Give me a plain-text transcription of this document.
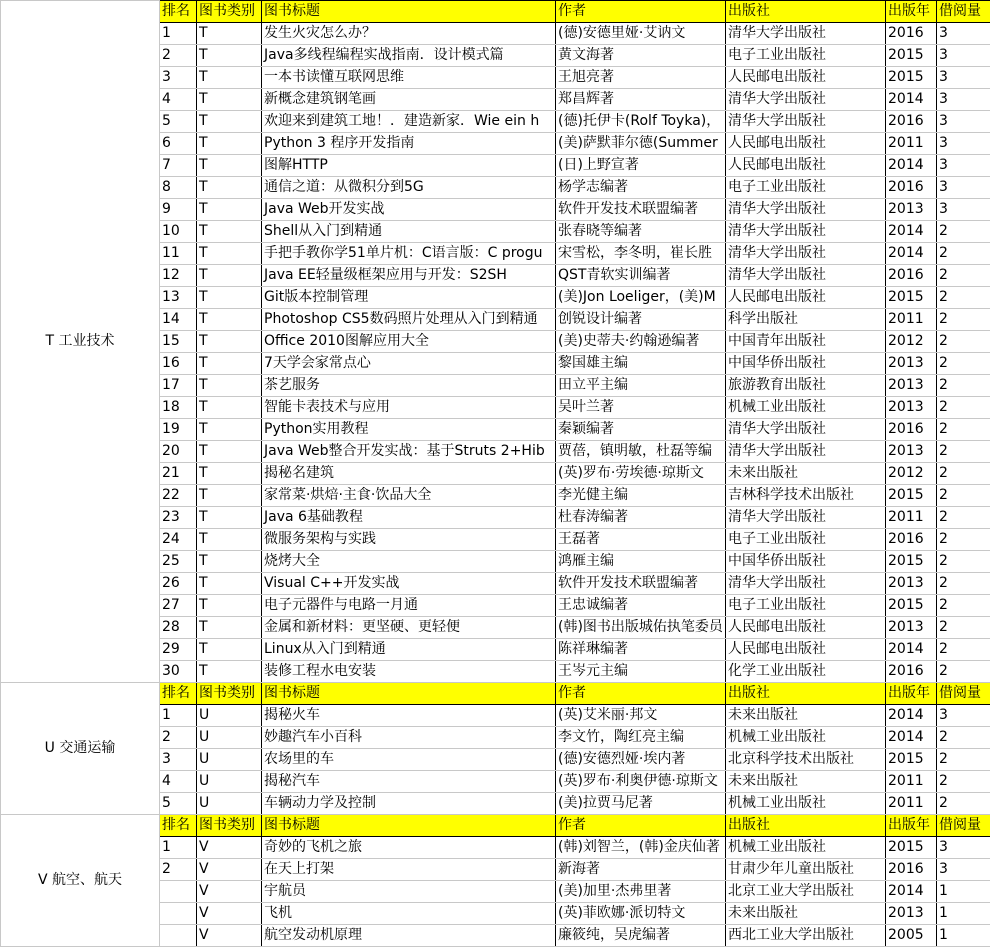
T 工业技术	排名	图书类别	图书标题	作者	出版社	出版年	借阅量
	1	T	发生火灾怎么办？	(德)安德里娅·艾讷文	清华大学出版社	2016	3
	2	T	Java多线程编程实战指南．设计模式篇	黄文海著	电子工业出版社	2015	3
	3	T	一本书读懂互联网思维	王旭亮著	人民邮电出版社	2015	3
	4	T	新概念建筑钢笔画	郑昌辉著	清华大学出版社	2014	3
	5	T	欢迎来到建筑工地！．建造新家．Wie ein h	(德)托伊卡(Rolf Toyka)，	清华大学出版社	2016	3
	6	T	Python 3 程序开发指南	(美)萨默菲尔德(Summer	人民邮电出版社	2011	3
	7	T	图解HTTP	(日)上野宣著	人民邮电出版社	2014	3
	8	T	通信之道：从微积分到5G	杨学志编著	电子工业出版社	2016	3
	9	T	Java Web开发实战	软件开发技术联盟编著	清华大学出版社	2013	3
	10	T	Shell从入门到精通	张春晓等编著	清华大学出版社	2014	2
	11	T	手把手教你学51单片机：C语言版：C progu	宋雪松，李冬明，崔长胜	清华大学出版社	2014	2
	12	T	Java EE轻量级框架应用与开发：S2SH	QST青软实训编著	清华大学出版社	2016	2
	13	T	Git版本控制管理	(美)Jon Loeliger，(美)M	人民邮电出版社	2015	2
	14	T	Photoshop CS5数码照片处理从入门到精通	创锐设计编著	科学出版社	2011	2
	15	T	Office 2010图解应用大全	(美)史蒂夫·约翰逊编著	中国青年出版社	2012	2
	16	T	7天学会家常点心	黎国雄主编	中国华侨出版社	2013	2
	17	T	茶艺服务	田立平主编	旅游教育出版社	2013	2
	18	T	智能卡表技术与应用	吴叶兰著	机械工业出版社	2013	2
	19	T	Python实用教程	秦颖编著	清华大学出版社	2016	2
	20	T	Java Web整合开发实战：基于Struts 2+Hib	贾蓓，镇明敏，杜磊等编	清华大学出版社	2013	2
	21	T	揭秘名建筑	(英)罗布·劳埃德·琼斯文	未来出版社	2012	2
	22	T	家常菜·烘焙·主食·饮品大全	李光健主编	吉林科学技术出版社	2015	2
	23	T	Java 6基础教程	杜春涛编著	清华大学出版社	2011	2
	24	T	微服务架构与实践	王磊著	电子工业出版社	2016	2
	25	T	烧烤大全	鸿雁主编	中国华侨出版社	2015	2
	26	T	Visual C++开发实战	软件开发技术联盟编著	清华大学出版社	2013	2
	27	T	电子元器件与电路一月通	王忠诚编著	电子工业出版社	2015	2
	28	T	金属和新材料：更坚硬、更轻便	(韩)图书出版城佑执笔委员	人民邮电出版社	2013	2
	29	T	Linux从入门到精通	陈祥琳编著	人民邮电出版社	2014	2
	30	T	装修工程水电安装	王岑元主编	化学工业出版社	2016	2
U 交通运输	排名	图书类别	图书标题	作者	出版社	出版年	借阅量
	1	U	揭秘火车	(英)艾米丽·邦文	未来出版社	2014	3
	2	U	妙趣汽车小百科	李文竹，陶红亮主编	机械工业出版社	2014	2
	3	U	农场里的车	(德)安德烈娅·埃内著	北京科学技术出版社	2015	2
	4	U	揭秘汽车	(英)罗布·利奥伊德·琼斯文	未来出版社	2011	2
	5	U	车辆动力学及控制	(美)拉贾马尼著	机械工业出版社	2011	2
V 航空、航天	排名	图书类别	图书标题	作者	出版社	出版年	借阅量
	1	V	奇妙的飞机之旅	(韩)刘智兰，(韩)金庆仙著	机械工业出版社	2015	3
	2	V	在天上打架	新海著	甘肃少年儿童出版社	2016	3
		V	宇航员	(美)加里·杰弗里著	北京工业大学出版社	2014	1
		V	飞机	(英)菲欧娜·派切特文	未来出版社	2013	1
		V	航空发动机原理	廉筱纯，吴虎编著	西北工业大学出版社	2005	1
